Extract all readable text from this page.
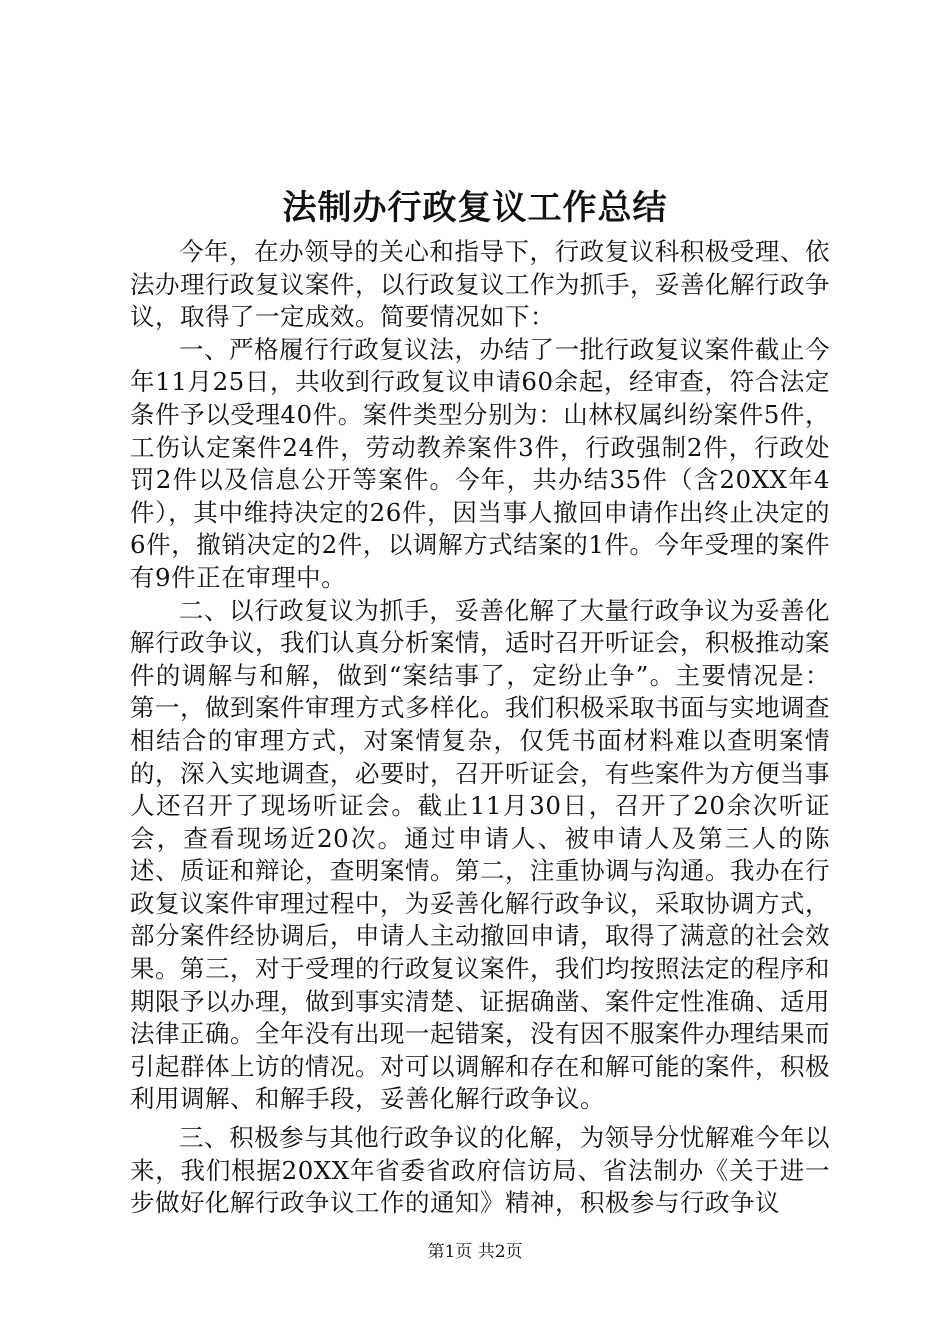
法制办行政复议工作总结

今年，在办领导的关心和指导下，行政复议科积极受理、依法办理行政复议案件，以行政复议工作为抓手，妥善化解行政争议，取得了一定成效。简要情况如下：

一、严格履行行政复议法，办结了一批行政复议案件截止今年11月25日，共收到行政复议申请60余起，经审查，符合法定条件予以受理40件。案件类型分别为：山林权属纠纷案件5件，工伤认定案件24件，劳动教养案件3件，行政强制2件，行政处罚2件以及信息公开等案件。今年，共办结35件（含20XX年4件），其中维持决定的26件，因当事人撤回申请作出终止决定的6件，撤销决定的2件，以调解方式结案的1件。今年受理的案件有9件正在审理中。

二、以行政复议为抓手，妥善化解了大量行政争议为妥善化解行政争议，我们认真分析案情，适时召开听证会，积极推动案件的调解与和解，做到“案结事了，定纷止争”。主要情况是：第一，做到案件审理方式多样化。我们积极采取书面与实地调查相结合的审理方式，对案情复杂，仅凭书面材料难以查明案情的，深入实地调查，必要时，召开听证会，有些案件为方便当事人还召开了现场听证会。截止11月30日，召开了20余次听证会，查看现场近20次。通过申请人、被申请人及第三人的陈述、质证和辩论，查明案情。第二，注重协调与沟通。我办在行政复议案件审理过程中，为妥善化解行政争议，采取协调方式，部分案件经协调后，申请人主动撤回申请，取得了满意的社会效果。第三，对于受理的行政复议案件，我们均按照法定的程序和期限予以办理，做到事实清楚、证据确凿、案件定性准确、适用法律正确。全年没有出现一起错案，没有因不服案件办理结果而引起群体上访的情况。对可以调解和存在和解可能的案件，积极利用调解、和解手段，妥善化解行政争议。

三、积极参与其他行政争议的化解，为领导分忧解难今年以来，我们根据20XX年省委省政府信访局、省法制办《关于进一步做好化解行政争议工作的通知》精神，积极参与行政争议

第1页 共2页
